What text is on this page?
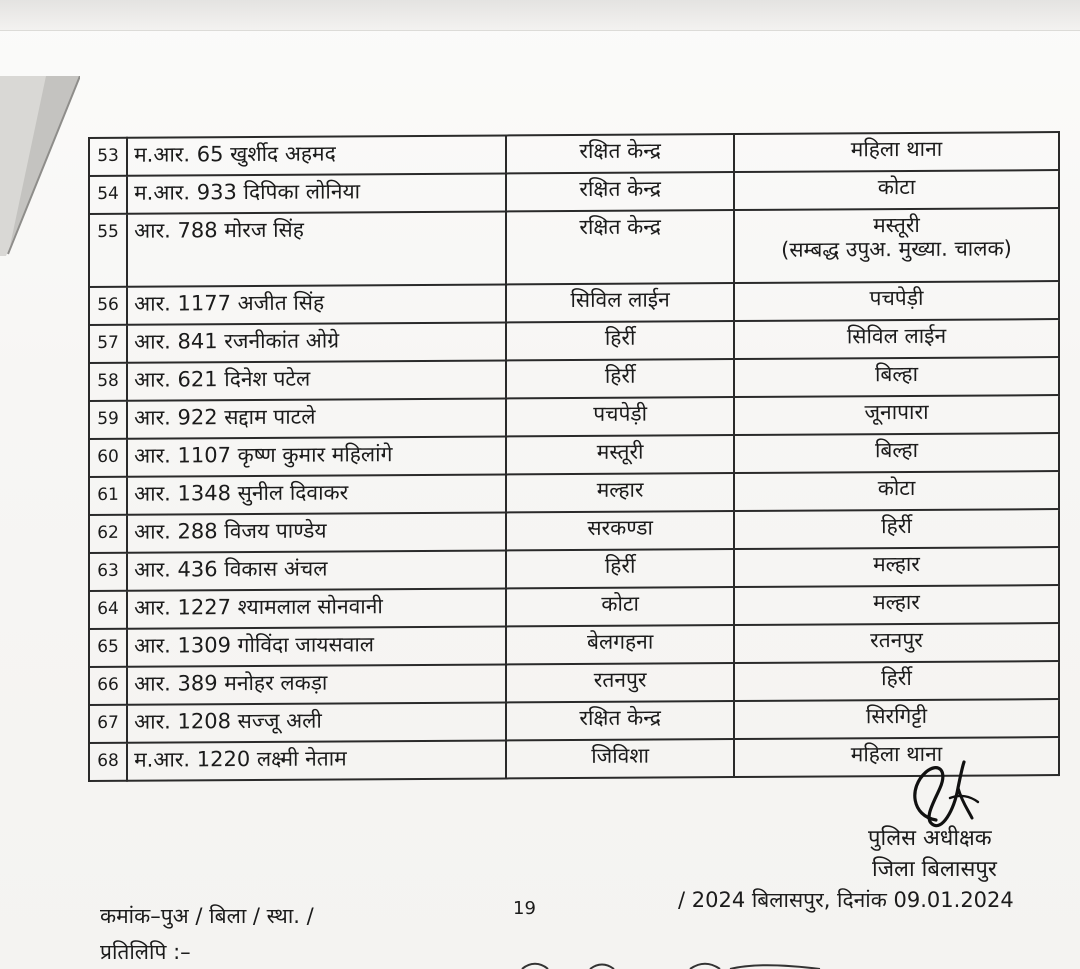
53	म.आर. 65 खुर्शीद अहमद	रक्षित केन्द्र	महिला थाना
54	म.आर. 933 दिपिका लोनिया	रक्षित केन्द्र	कोटा
55	आर. 788 मोरज सिंह	रक्षित केन्द्र	मस्तूरी
(सम्बद्ध उपुअ. मुख्या. चालक)

56	आर. 1177 अजीत सिंह	सिविल लाईन	पचपेड़ी
57	आर. 841 रजनीकांत ओग्रे	हिर्री	सिविल लाईन
58	आर. 621 दिनेश पटेल	हिर्री	बिल्हा
59	आर. 922 सद्दाम पाटले	पचपेड़ी	जूनापारा
60	आर. 1107 कृष्ण कुमार महिलांगे	मस्तूरी	बिल्हा
61	आर. 1348 सुनील दिवाकर	मल्हार	कोटा
62	आर. 288 विजय पाण्डेय	सरकण्डा	हिर्री
63	आर. 436 विकास अंचल	हिर्री	मल्हार
64	आर. 1227 श्यामलाल सोनवानी	कोटा	मल्हार
65	आर. 1309 गोविंदा जायसवाल	बेलगहना	रतनपुर
66	आर. 389 मनोहर लकड़ा	रतनपुर	हिर्री
67	आर. 1208 सज्जू अली	रक्षित केन्द्र	सिरगिट्टी
68	म.आर. 1220 लक्ष्मी नेताम	जिविशा	महिला थाना
पुलिस अधीक्षक
जिला बिलासपुर
कमांक–पुअ / बिला / स्था. /	19	/ 2024 बिलासपुर, दिनांक 09.01.2024
प्रतिलिपि :–
